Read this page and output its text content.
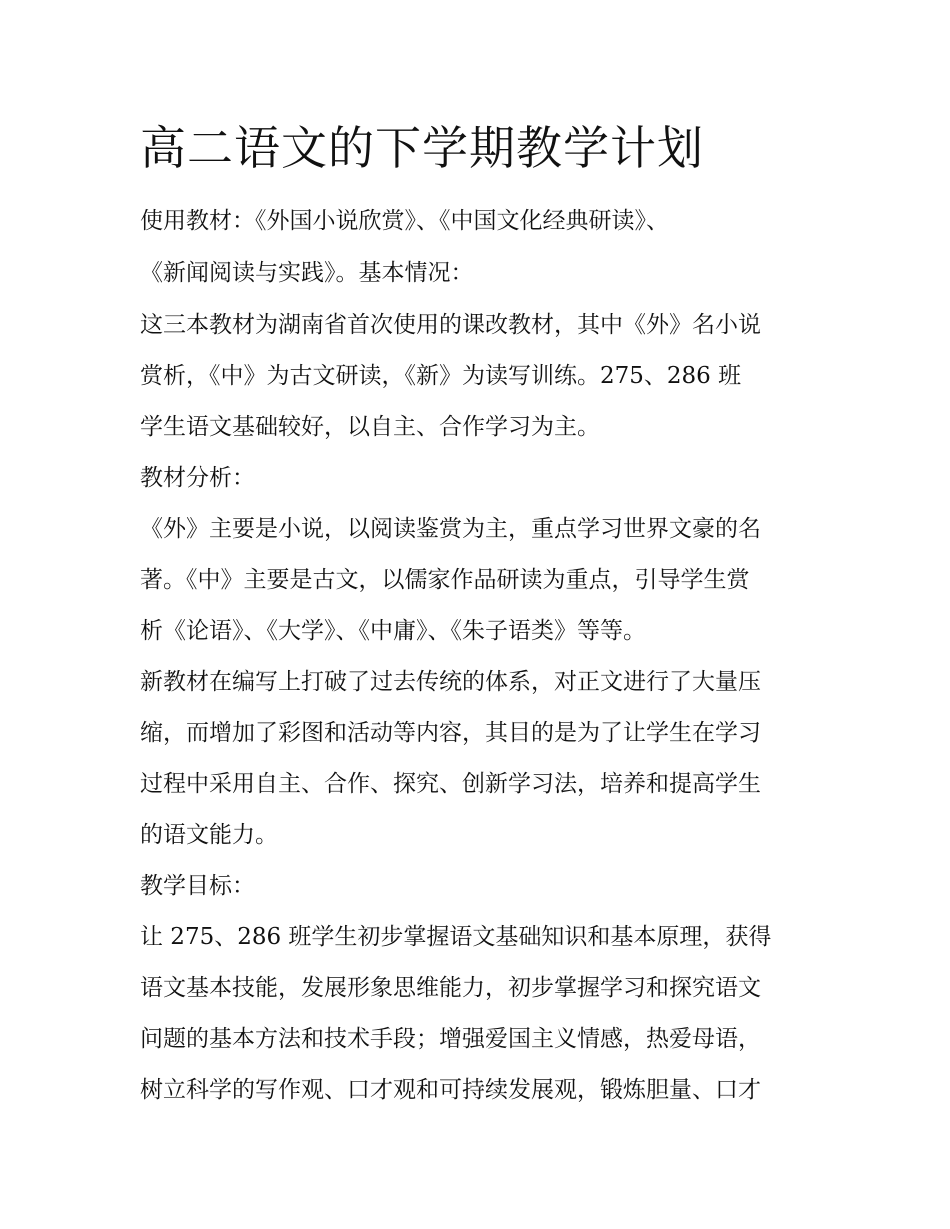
高二语文的下学期教学计划
使用教材：《外国小说欣赏》、《中国文化经典研读》、
《新闻阅读与实践》。基本情况：
这三本教材为湖南省首次使用的课改教材，其中《外》名小说
赏析，《中》为古文研读，《新》为读写训练。275、286 班
学生语文基础较好，以自主、合作学习为主。
教材分析：
《外》主要是小说，以阅读鉴赏为主，重点学习世界文豪的名
著。《中》主要是古文，以儒家作品研读为重点，引导学生赏
析《论语》、《大学》、《中庸》、《朱子语类》等等。
新教材在编写上打破了过去传统的体系，对正文进行了大量压
缩，而增加了彩图和活动等内容，其目的是为了让学生在学习
过程中采用自主、合作、探究、创新学习法，培养和提高学生
的语文能力。
教学目标：
让 275、286 班学生初步掌握语文基础知识和基本原理，获得
语文基本技能，发展形象思维能力，初步掌握学习和探究语文
问题的基本方法和技术手段；增强爱国主义情感，热爱母语，
树立科学的写作观、口才观和可持续发展观，锻炼胆量、口才
